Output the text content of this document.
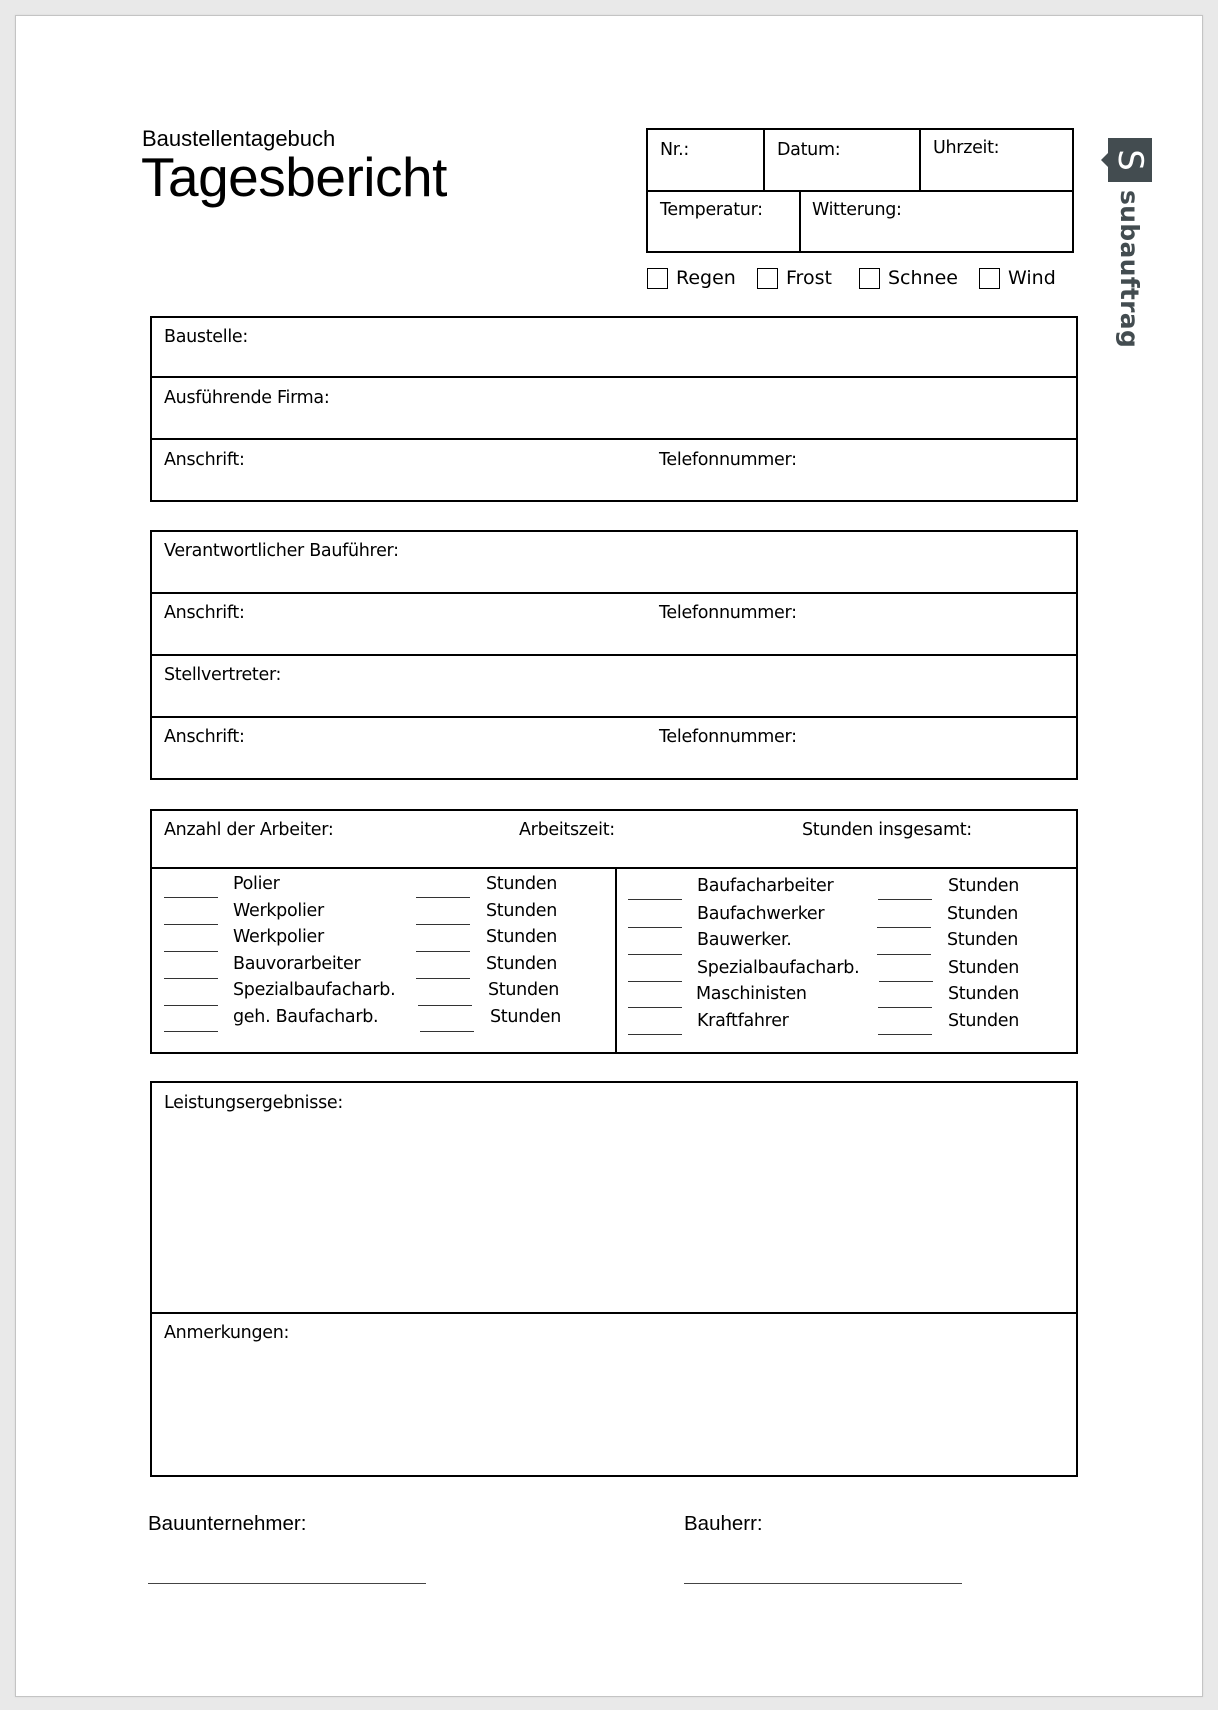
Baustellentagebuch
Tagesbericht	Nr.:	Datum:	Uhrzeit:
Temperatur:	Witterung:
Regen	Frost	Schnee	Wind
S
subauftrag
Baustelle:
Ausführende Firma:
Anschrift:	Telefonnummer:
Verantwortlicher Bauführer:
Anschrift:	Telefonnummer:
Stellvertreter:
Anschrift:	Telefonnummer:
Anzahl der Arbeiter:	Arbeitszeit:	Stunden insgesamt:
Polier	Stunden
Werkpolier	Stunden
Werkpolier	Stunden
Bauvorarbeiter	Stunden
Spezialbaufacharb.	Stunden
geh. Baufacharb.	Stunden
Baufacharbeiter	Stunden
Baufachwerker	Stunden
Bauwerker.	Stunden
Spezialbaufacharb.	Stunden
Maschinisten	Stunden
Kraftfahrer	Stunden
Leistungsergebnisse:
Anmerkungen:
Bauunternehmer:	Bauherr:
